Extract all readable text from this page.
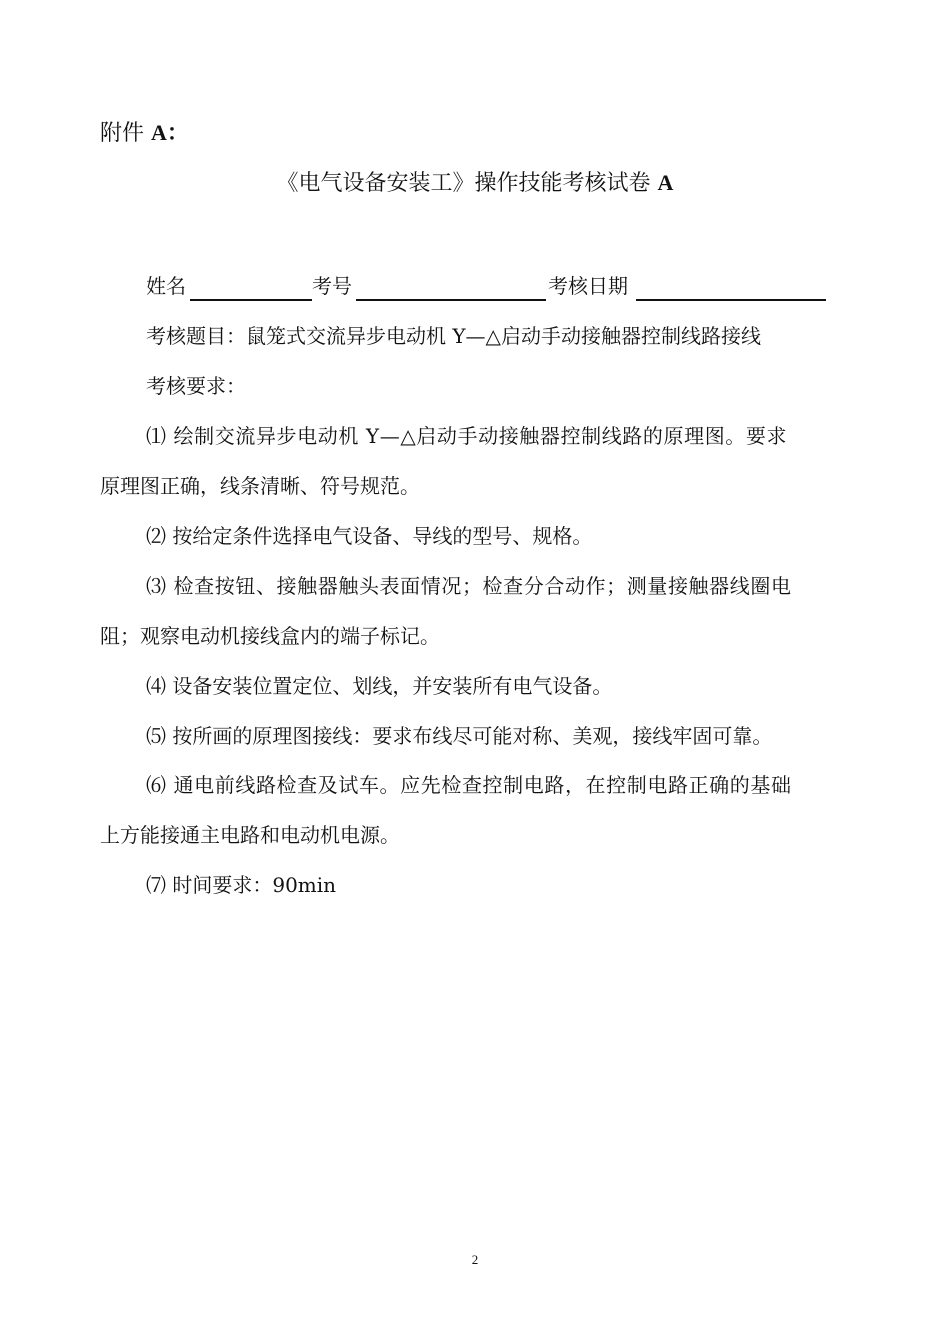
附件 A：
《电气设备安装工》操作技能考核试卷 A
姓名	考号	考核日期
考核题目：鼠笼式交流异步电动机 Y—△启动手动接触器控制线路接线
考核要求：
⑴ 绘制交流异步电动机 Y—△启动手动接触器控制线路的原理图。要求
原理图正确，线条清晰、符号规范。
⑵ 按给定条件选择电气设备、导线的型号、规格。
⑶ 检查按钮、接触器触头表面情况；检查分合动作；测量接触器线圈电
阻；观察电动机接线盒内的端子标记。
⑷ 设备安装位置定位、划线，并安装所有电气设备。
⑸ 按所画的原理图接线：要求布线尽可能对称、美观，接线牢固可靠。
⑹ 通电前线路检查及试车。应先检查控制电路，在控制电路正确的基础
上方能接通主电路和电动机电源。
⑺ 时间要求：90min
2
